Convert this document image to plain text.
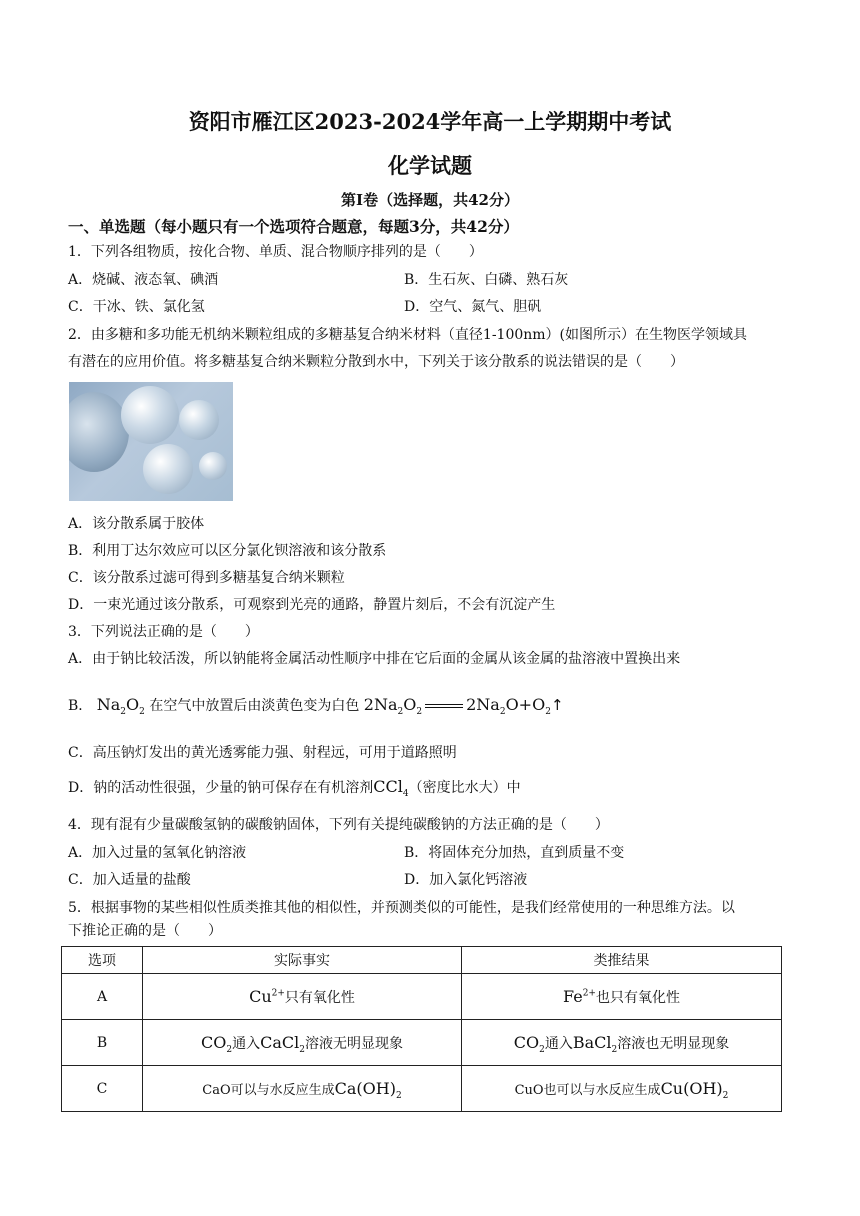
资阳市雁江区2023-2024学年高一上学期期中考试
化学试题
第Ⅰ卷（选择题，共42分）
一、单选题（每小题只有一个选项符合题意，每题3分，共42分）
1．下列各组物质，按化合物、单质、混合物顺序排列的是（　　）
A．烧碱、液态氧、碘酒	B．生石灰、白磷、熟石灰
C．干冰、铁、氯化氢	D．空气、氮气、胆矾
2．由多糖和多功能无机纳米颗粒组成的多糖基复合纳米材料（直径1-100nm）(如图所示）在生物医学领域具
有潜在的应用价值。将多糖基复合纳米颗粒分散到水中，下列关于该分散系的说法错误的是（　　）
A．该分散系属于胶体
B．利用丁达尔效应可以区分氯化钡溶液和该分散系
C．该分散系过滤可得到多糖基复合纳米颗粒
D．一束光通过该分散系，可观察到光亮的通路，静置片刻后，不会有沉淀产生
3．下列说法正确的是（　　）
A．由于钠比较活泼，所以钠能将金属活动性顺序中排在它后面的金属从该金属的盐溶液中置换出来
B． $Na_2O_2$ 在空气中放置后由淡黄色变为白色 $2Na_2O_2$	$2Na_2O+O_2↑$
C．高压钠灯发出的黄光透雾能力强、射程远，可用于道路照明
D．钠的活动性很强，少量的钠可保存在有机溶剂CCl$_4$（密度比水大）中
4．现有混有少量碳酸氢钠的碳酸钠固体，下列有关提纯碳酸钠的方法正确的是（　　）
A．加入过量的氢氧化钠溶液	B．将固体充分加热，直到质量不变
C．加入适量的盐酸	D．加入氯化钙溶液
5．根据事物的某些相似性质类推其他的相似性，并预测类似的可能性，是我们经常使用的一种思维方法。以
下推论正确的是（　　）
选项	实际事实	类推结果
A	$Cu^{2+}$只有氧化性	$Fe^{2+}$也只有氧化性
B	$CO_2$通入CaCl$_2$溶液无明显现象	$CO_2$通入BaCl$_2$溶液也无明显现象
C	CaO可以与水反应生成$Ca(OH)_2$	CuO也可以与水反应生成$Cu(OH)_2$
